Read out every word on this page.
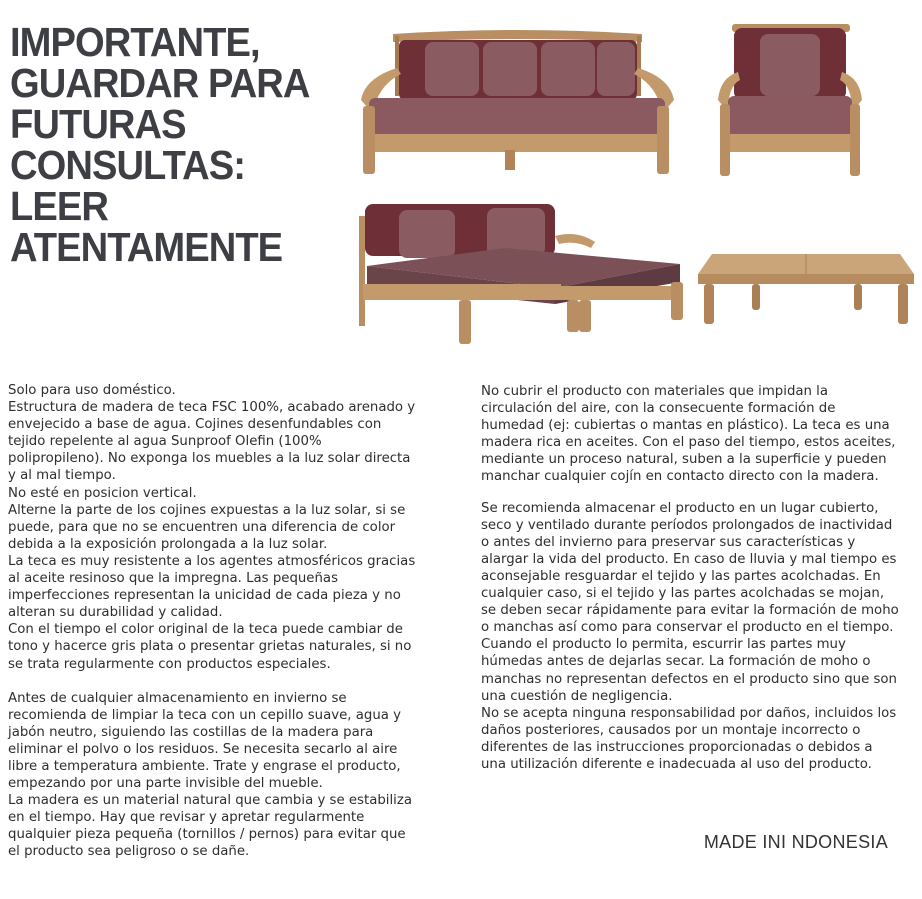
IMPORTANTE, GUARDAR PARA FUTURAS CONSULTAS: LEER ATENTAMENTE

Solo para uso doméstico.
Estructura de madera de teca FSC 100%, acabado arenado y envejecido a base de agua. Cojines desenfundables con tejido repelente al agua Sunproof Olefin (100% polipropileno). No exponga los muebles a la luz solar directa y al mal tiempo.
No esté en posicion vertical.
Alterne la parte de los cojines expuestas a la luz solar, si se puede, para que no se encuentren una diferencia de color debida a la exposición prolongada a la luz solar.
La teca es muy resistente a los agentes atmosféricos gracias al aceite resinoso que la impregna. Las pequeñas imperfecciones representan la unicidad de cada pieza y no alteran su durabilidad y calidad.
Con el tiempo el color original de la teca puede cambiar de tono y hacerce gris plata o presentar grietas naturales, si no se trata regularmente con productos especiales.

Antes de cualquier almacenamiento en invierno se recomienda de limpiar la teca con un cepillo suave, agua y jabón neutro, siguiendo las costillas de la madera para eliminar el polvo o los residuos. Se necesita secarlo al aire libre a temperatura ambiente. Trate y engrase el producto, empezando por una parte invisible del mueble.
La madera es un material natural que cambia y se estabiliza en el tiempo. Hay que revisar y apretar regularmente qualquier pieza pequeña (tornillos / pernos) para evitar que el producto sea peligroso o se dañe.

No cubrir el producto con materiales que impidan la circulación del aire, con la consecuente formación de humedad (ej: cubiertas o mantas en plástico). La teca es una madera rica en aceites. Con el paso del tiempo, estos aceites, mediante un proceso natural, suben a la superficie y pueden manchar cualquier cojín en contacto directo con la madera.

Se recomienda almacenar el producto en un lugar cubierto, seco y ventilado durante períodos prolongados de inactividad o antes del invierno para preservar sus características y alargar la vida del producto. En caso de lluvia y mal tiempo es aconsejable resguardar el tejido y las partes acolchadas. En cualquier caso, si el tejido y las partes acolchadas se mojan, se deben secar rápidamente para evitar la formación de moho o manchas así como para conservar el producto en el tiempo. Cuando el producto lo permita, escurrir las partes muy húmedas antes de dejarlas secar. La formación de moho o manchas no representan defectos en el producto sino que son una cuestión de negligencia.
No se acepta ninguna responsabilidad por daños, incluidos los daños posteriores, causados por un montaje incorrecto o diferentes de las instrucciones proporcionadas o debidos a una utilización diferente e inadecuada al uso del producto.

MADE INI NDONESIA
